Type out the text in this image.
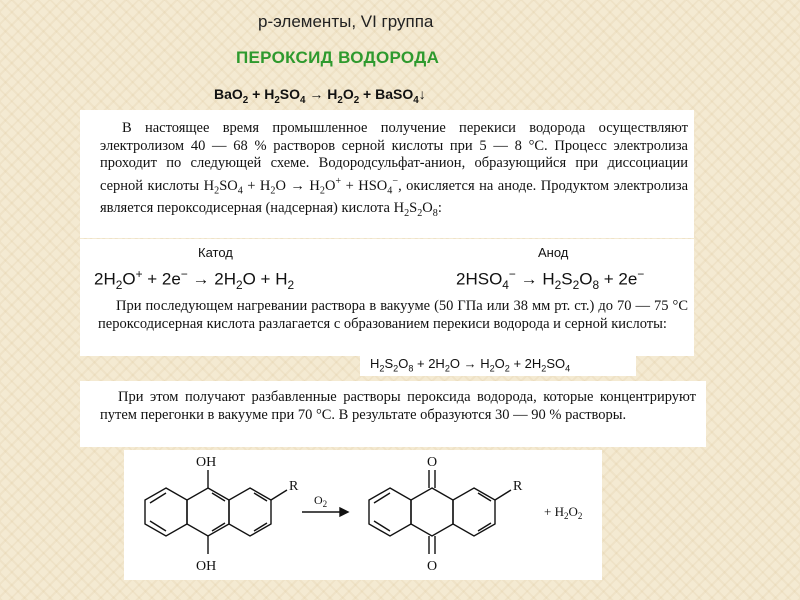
p-элементы, VI группа
ПЕРОКСИД ВОДОРОДА
$BaO_2 + H_2SO_4 \to H_2O_2$ + BaSO$_4$↓
В настоящее время промышленное получение перекиси водорода осуществляют электролизом 40 — 68 % растворов серной кислоты при 5 — 8 °С. Процесс электролиза проходит по следующей схеме. Водородсульфат-анион, образующийся при диссоциации серной кислоты $H_2SO_4 + H_2O \to H_2O^+ + HSO_4^-$, окисляется на аноде. Продуктом электролиза является пероксодисерная (надсерная) кислота $H_2S_2O_8$:
Катод	Анод
$2H_2O^+ + 2e^- \to 2H_2O + H_2$	$2HSO_4^- \to H_2S_2O_8 + 2e^-$
При последующем нагревании раствора в вакууме (50 ГПа или 38 мм рт. ст.) до 70 — 75 °С пероксодисерная кислота разлагается с образованием перекиси водорода и серной кислоты:
$H_2S_2O_8 + 2H_2O \to H_2O_2 + 2H_2SO_4$
При этом получают разбавленные растворы пероксида водорода, которые концентрируют путем перегонки в вакууме при 70 °С. В результате образуются 30 — 90 % растворы.
OH
OH
R
$O_2$
O
O
R
+ $H_2O_2$
